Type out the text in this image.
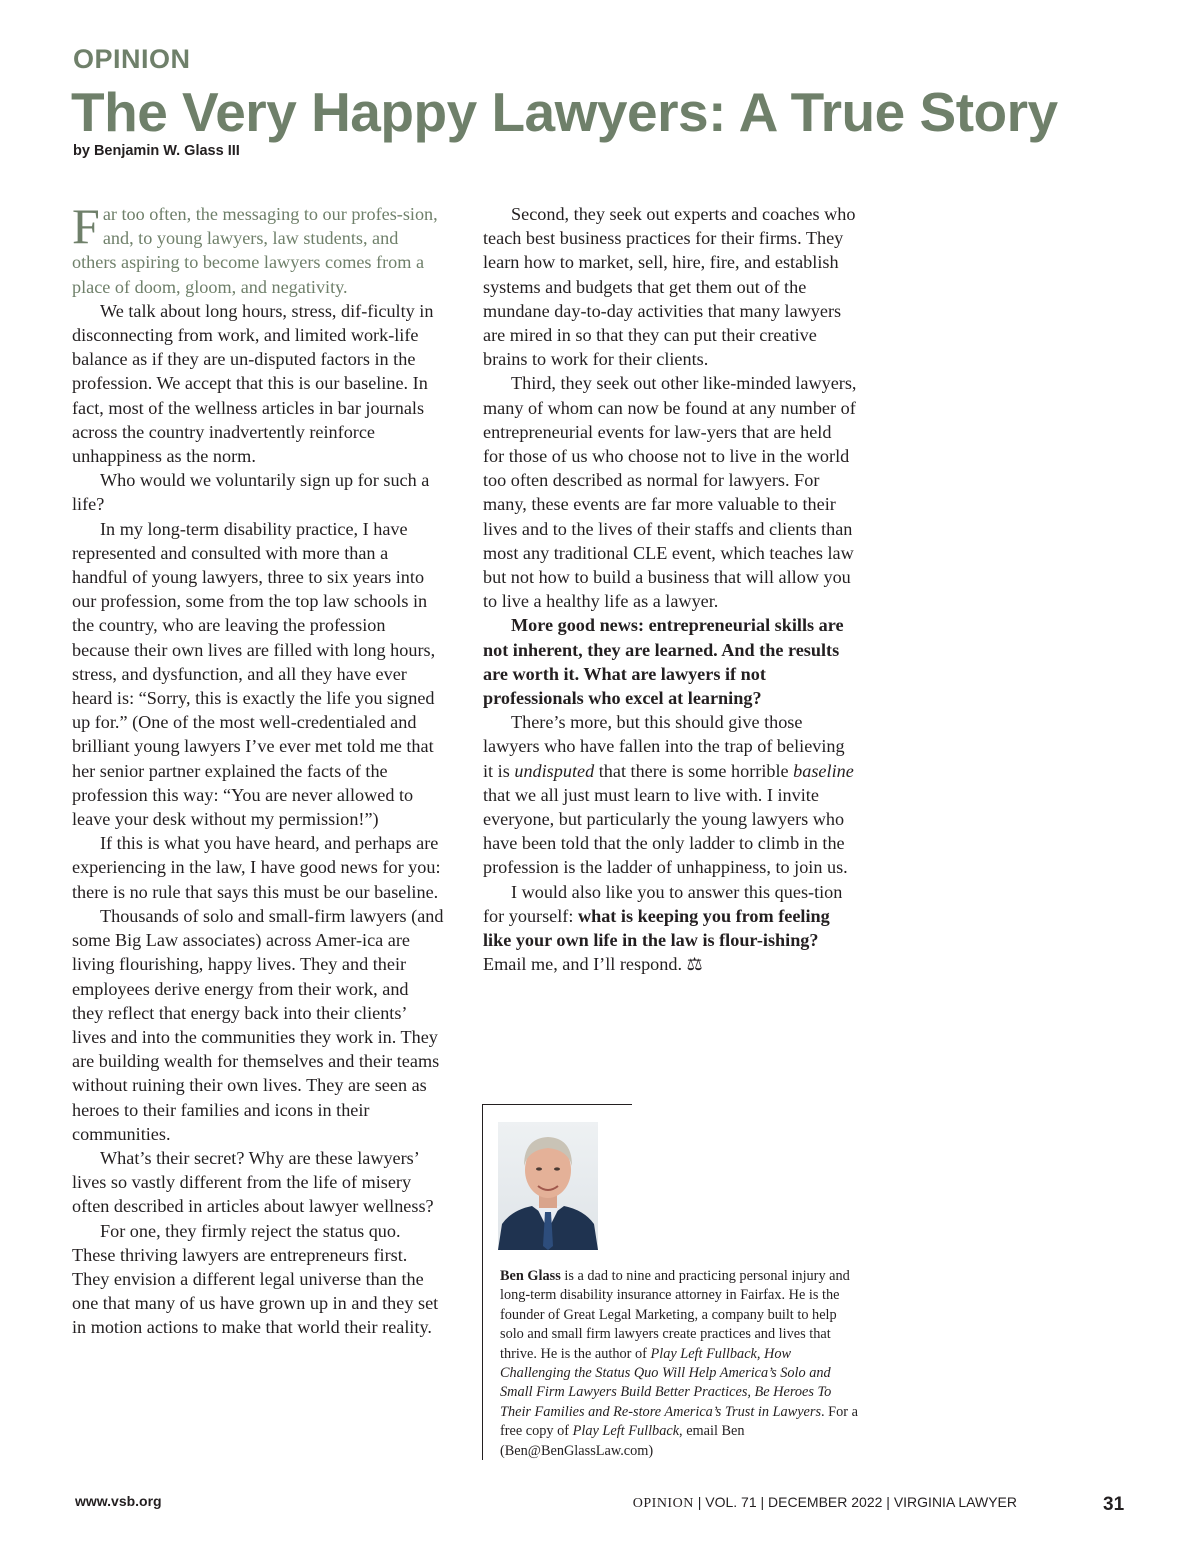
OPINION
The Very Happy Lawyers: A True Story
by Benjamin W. Glass III

Far too often, the messaging to our profes-sion, and, to young lawyers, law students, and others aspiring to become lawyers comes from a place of doom, gloom, and negativity.

We talk about long hours, stress, dif-ficulty in disconnecting from work, and limited work-life balance as if they are un-disputed factors in the profession. We accept that this is our baseline. In fact, most of the wellness articles in bar journals across the country inadvertently reinforce unhappiness as the norm.

Who would we voluntarily sign up for such a life?

In my long-term disability practice, I have represented and consulted with more than a handful of young lawyers, three to six years into our profession, some from the top law schools in the country, who are leaving the profession because their own lives are filled with long hours, stress, and dysfunction, and all they have ever heard is: “Sorry, this is exactly the life you signed up for.” (One of the most well-credentialed and brilliant young lawyers I’ve ever met told me that her senior partner explained the facts of the profession this way: “You are never allowed to leave your desk without my permission!”)

If this is what you have heard, and perhaps are experiencing in the law, I have good news for you: there is no rule that says this must be our baseline.

Thousands of solo and small-firm lawyers (and some Big Law associates) across Amer-ica are living flourishing, happy lives. They and their employees derive energy from their work, and they reflect that energy back into their clients’ lives and into the communities they work in. They are building wealth for themselves and their teams without ruining their own lives. They are seen as heroes to their families and icons in their communities.

What’s their secret? Why are these lawyers’ lives so vastly different from the life of misery often described in articles about lawyer wellness?

For one, they firmly reject the status quo. These thriving lawyers are entrepreneurs first. They envision a different legal universe than the one that many of us have grown up in and they set in motion actions to make that world their reality.

Second, they seek out experts and coaches who teach best business practices for their firms. They learn how to market, sell, hire, fire, and establish systems and budgets that get them out of the mundane day-to-day activities that many lawyers are mired in so that they can put their creative brains to work for their clients.

Third, they seek out other like-minded lawyers, many of whom can now be found at any number of entrepreneurial events for law-yers that are held for those of us who choose not to live in the world too often described as normal for lawyers. For many, these events are far more valuable to their lives and to the lives of their staffs and clients than most any traditional CLE event, which teaches law but not how to build a business that will allow you to live a healthy life as a lawyer.

More good news: entrepreneurial skills are not inherent, they are learned. And the results are worth it. What are lawyers if not professionals who excel at learning?

There’s more, but this should give those lawyers who have fallen into the trap of believing it is undisputed that there is some horrible baseline that we all just must learn to live with. I invite everyone, but particularly the young lawyers who have been told that the only ladder to climb in the profession is the ladder of unhappiness, to join us.

I would also like you to answer this ques-tion for yourself: what is keeping you from feeling like your own life in the law is flour-ishing? Email me, and I’ll respond. ⚖

Ben Glass is a dad to nine and practicing personal injury and long-term disability insurance attorney in Fairfax. He is the founder of Great Legal Marketing, a company built to help solo and small firm lawyers create practices and lives that thrive. He is the author of Play Left Fullback, How Challenging the Status Quo Will Help America’s Solo and Small Firm Lawyers Build Better Practices, Be Heroes To Their Families and Re-store America’s Trust in Lawyers. For a free copy of Play Left Fullback, email Ben (Ben@BenGlassLaw.com)

www.vsb.org	OPINION | VOL. 71 | DECEMBER 2022 | VIRGINIA LAWYER	31
